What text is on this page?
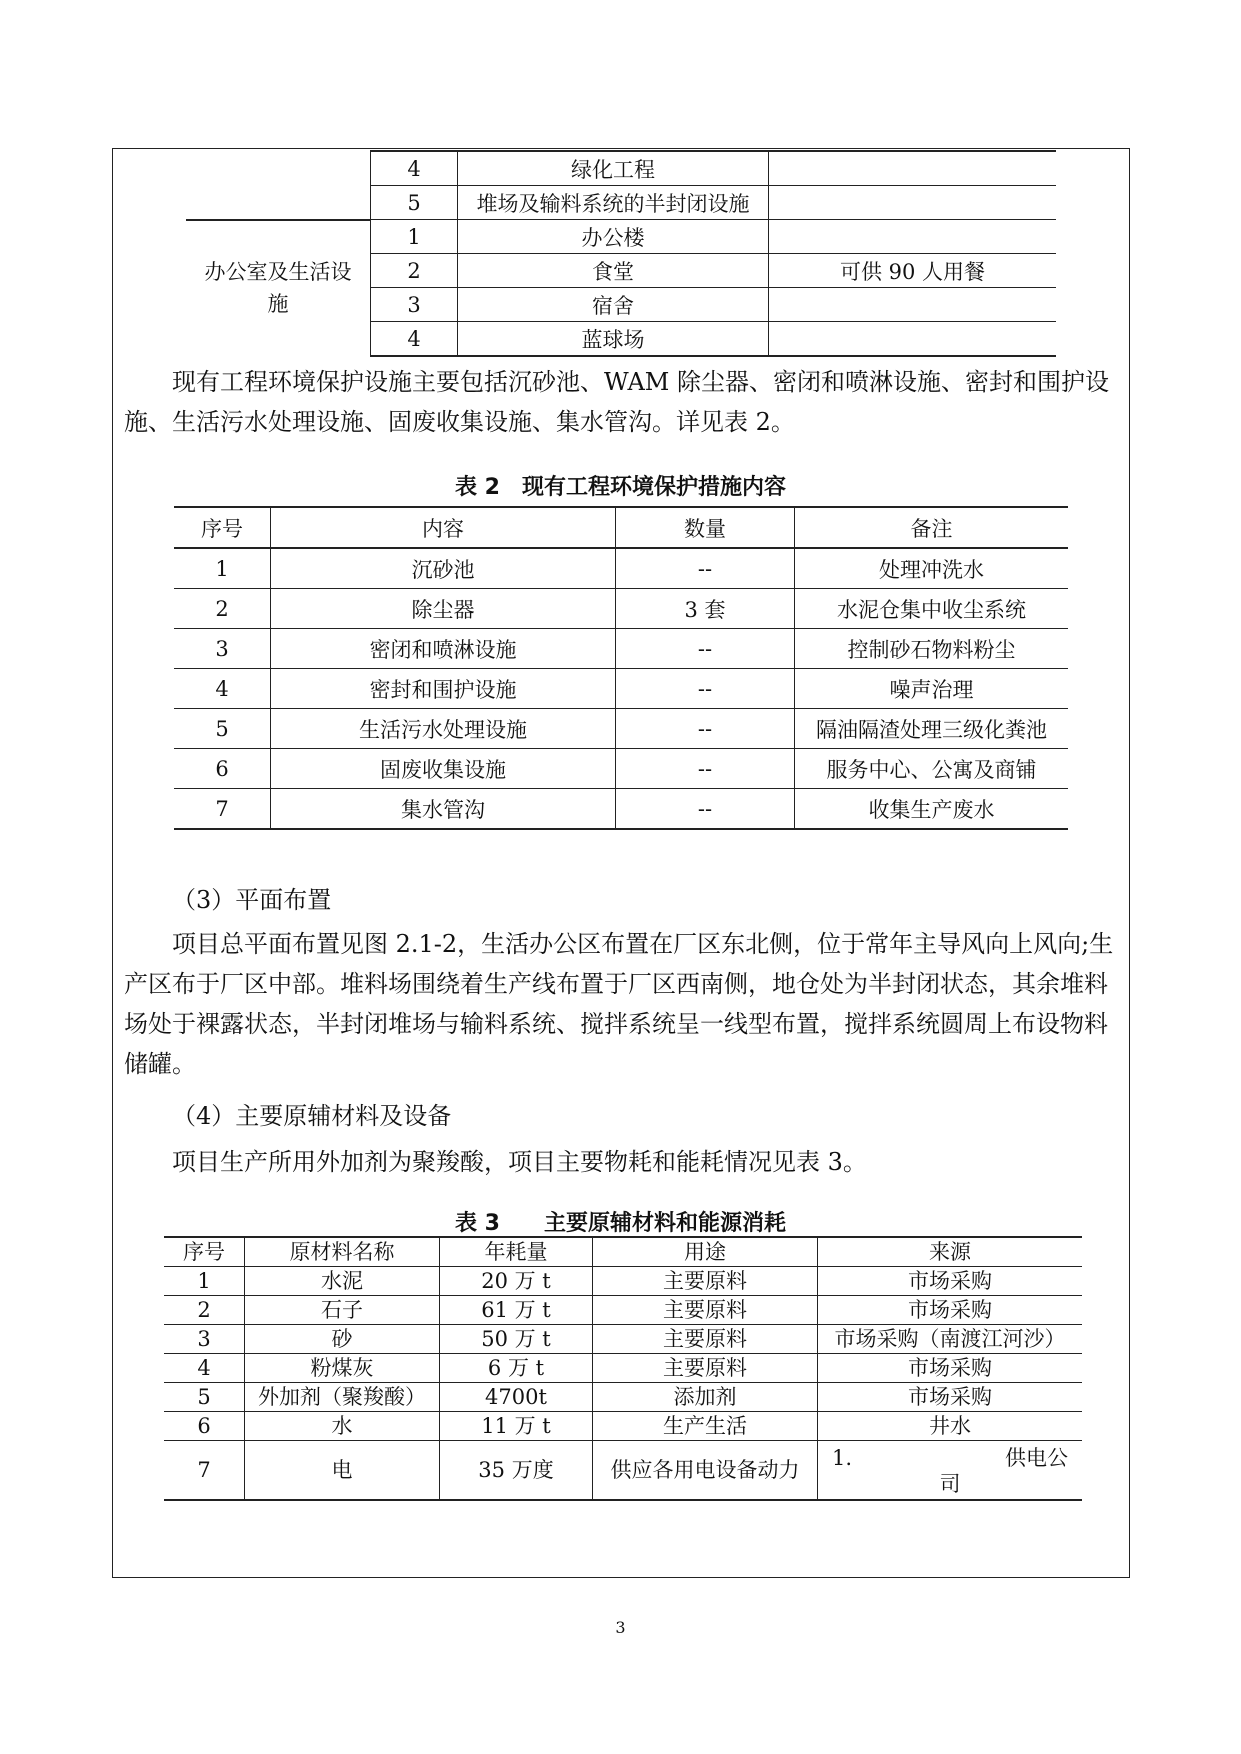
	4	绿化工程	
	5	堆场及输料系统的半封闭设施	

办公室及生活设
施	1	办公楼	
	2	食堂	可供 90 人用餐
	3	宿舍	
	4	蓝球场	
现有工程环境保护设施主要包括沉砂池、WAM 除尘器、密闭和喷淋设施、密封和围护设施、生活污水处理设施、固废收集设施、集水管沟。详见表 2。
表 2　现有工程环境保护措施内容
序号	内容	数量	备注
1	沉砂池	--	处理冲洗水
2	除尘器	3 套	水泥仓集中收尘系统
3	密闭和喷淋设施	--	控制砂石物料粉尘
4	密封和围护设施	--	噪声治理
5	生活污水处理设施	--	隔油隔渣处理三级化粪池
6	固废收集设施	--	服务中心、公寓及商铺
7	集水管沟	--	收集生产废水
（3）平面布置
项目总平面布置见图 2.1-2，生活办公区布置在厂区东北侧，位于常年主导风向上风向;生产区布于厂区中部。堆料场围绕着生产线布置于厂区西南侧，地仓处为半封闭状态，其余堆料场处于裸露状态，半封闭堆场与输料系统、搅拌系统呈一线型布置，搅拌系统圆周上布设物料储罐。
（4）主要原辅材料及设备
项目生产所用外加剂为聚羧酸，项目主要物耗和能耗情况见表 3。
表 3　　主要原辅材料和能源消耗
序号	原材料名称	年耗量	用途	来源
1	水泥	20 万 t	主要原料	市场采购
2	石子	61 万 t	主要原料	市场采购
3	砂	50 万 t	主要原料	市场采购（南渡江河沙）
4	粉煤灰	6 万 t	主要原料	市场采购
5	外加剂（聚羧酸）	4700t	添加剂	市场采购
6	水	11 万 t	生产生活	井水
7	电	35 万度	供应各用电设备动力	1. 供电公
司
3
